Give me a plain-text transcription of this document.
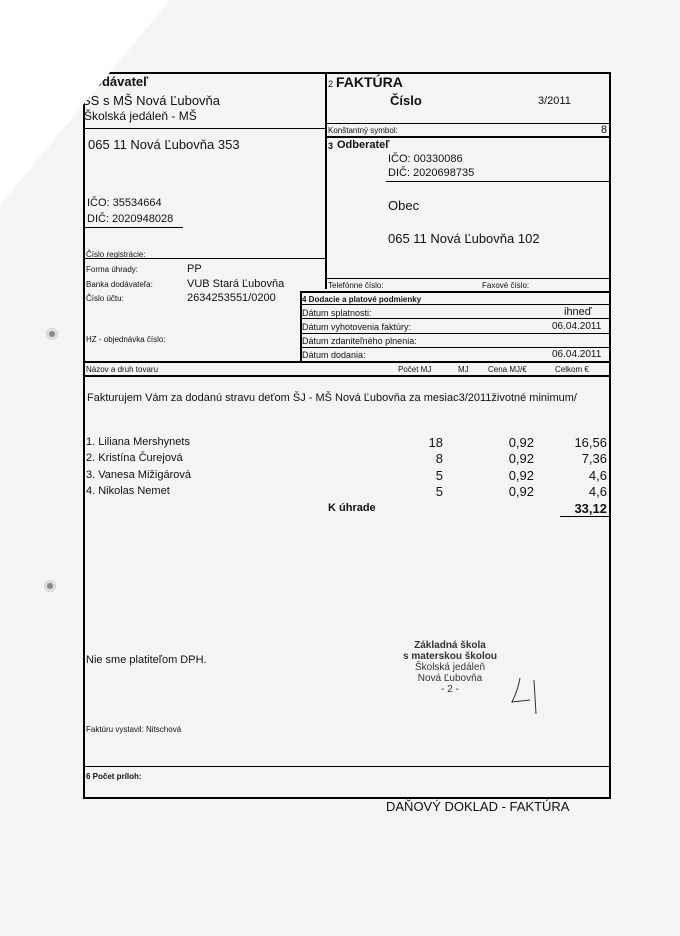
odávateľ
ŠS s MŠ Nová Ľubovňa
Školská jedáleň - MŠ
065 11 Nová Ľubovňa 353
IČO: 35534664
DIČ: 2020948028
Číslo registrácie:
Forma úhrady:	PP
Banka dodávateľa:	VUB Stará Ľubovňa
Číslo účtu:	2634253551/0200
HZ - objednávka číslo:
2 FAKTÚRA
Číslo	3/2011
Konštantný symbol:	8
3 Odberateľ
IČO: 00330086
DIČ: 2020698735
Obec
065 11 Nová Ľubovňa 102
Telefónne číslo:	Faxové číslo:
4 Dodacie a platové podmienky
Dátum splatnosti:	ihneď
Dátum vyhotovenia faktúry:	06.04.2011
Dátum zdaniteľného plnenia:
Dátum dodania:	06.04.2011
Názov a druh tovaru	Počet MJ	MJ Cena MJ/€	Celkom €
Fakturujem Vám za dodanú stravu deťom ŠJ - MŠ Nová Ľubovňa za mesiac3/2011životné minimum/
1. Liliana Mershynets	18	0,92	16,56
2. Kristína Čurejová	8	0,92	7,36
3. Vanesa Mižigárová	5	0,92	4,6
4. Nikolas Nemet	5	0,92	4,6
K úhrade	33,12
Nie sme platiteľom DPH.
Základná škola
s materskou školou
Školská jedáleň
Nová Ľubovňa
- 2 -
Faktúru vystavil: Nitschová
6 Počet príloh:
DAŇOVÝ DOKLAD - FAKTÚRA
